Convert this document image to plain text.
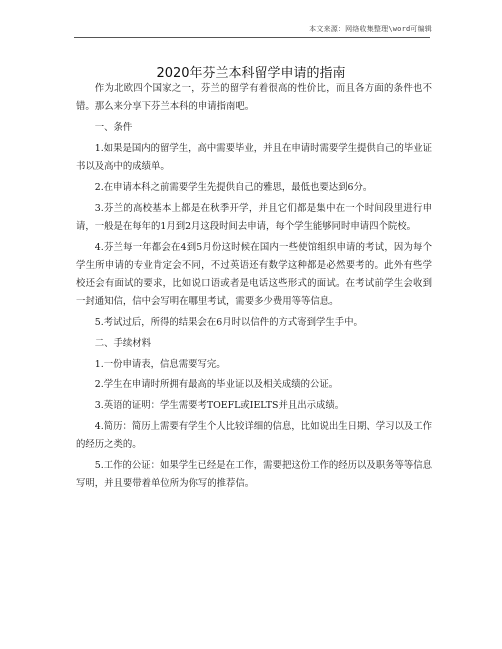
本文来源：网络收集整理\word可编辑
2020年芬兰本科留学申请的指南

作为北欧四个国家之一，芬兰的留学有着很高的性价比，而且各方面的条件也不错。那么来分享下芬兰本科的申请指南吧。

一、条件

1.如果是国内的留学生，高中需要毕业，并且在申请时需要学生提供自己的毕业证书以及高中的成绩单。

2.在申请本科之前需要学生先提供自己的雅思，最低也要达到6分。

3.芬兰的高校基本上都是在秋季开学，并且它们都是集中在一个时间段里进行申请，一般是在每年的1月到2月这段时间去申请，每个学生能够同时申请四个院校。

4.芬兰每一年都会在4到5月份这时候在国内一些使馆组织申请的考试，因为每个学生所申请的专业肯定会不同，不过英语还有数学这种都是必然要考的。此外有些学校还会有面试的要求，比如说口语或者是电话这些形式的面试。在考试前学生会收到一封通知信，信中会写明在哪里考试，需要多少费用等等信息。

5.考试过后，所得的结果会在6月时以信件的方式寄到学生手中。

二、手续材料

1.一份申请表，信息需要写完。

2.学生在申请时所拥有最高的毕业证以及相关成绩的公证。

3.英语的证明：学生需要考TOEFL或IELTS并且出示成绩。

4.简历：简历上需要有学生个人比较详细的信息，比如说出生日期、学习以及工作的经历之类的。

5.工作的公证：如果学生已经是在工作，需要把这份工作的经历以及职务等等信息写明，并且要带着单位所为你写的推荐信。
